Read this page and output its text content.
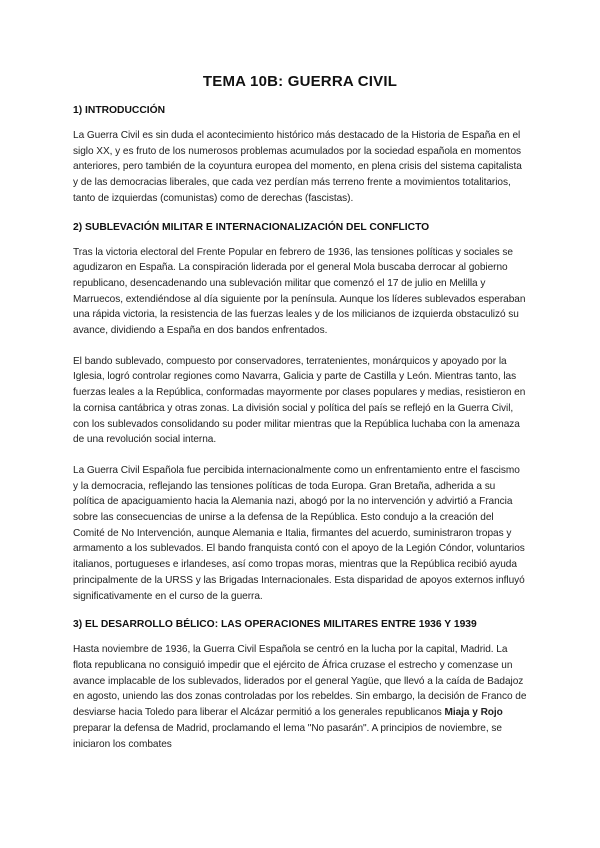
TEMA 10B: GUERRA CIVIL
1) INTRODUCCIÓN

La Guerra Civil es sin duda el acontecimiento histórico más destacado de la Historia de España en el siglo XX, y es fruto de los numerosos problemas acumulados por la sociedad española en momentos anteriores, pero también de la coyuntura europea del momento, en plena crisis del sistema capitalista y de las democracias liberales, que cada vez perdían más terreno frente a movimientos totalitarios, tanto de izquierdas (comunistas) como de derechas (fascistas).

2) SUBLEVACIÓN MILITAR E INTERNACIONALIZACIÓN DEL CONFLICTO

Tras la victoria electoral del Frente Popular en febrero de 1936, las tensiones políticas y sociales se agudizaron en España. La conspiración liderada por el general Mola buscaba derrocar al gobierno republicano, desencadenando una sublevación militar que comenzó el 17 de julio en Melilla y Marruecos, extendiéndose al día siguiente por la península. Aunque los líderes sublevados esperaban una rápida victoria, la resistencia de las fuerzas leales y de los milicianos de izquierda obstaculizó su avance, dividiendo a España en dos bandos enfrentados.

El bando sublevado, compuesto por conservadores, terratenientes, monárquicos y apoyado por la Iglesia, logró controlar regiones como Navarra, Galicia y parte de Castilla y León. Mientras tanto, las fuerzas leales a la República, conformadas mayormente por clases populares y medias, resistieron en la cornisa cantábrica y otras zonas. La división social y política del país se reflejó en la Guerra Civil, con los sublevados consolidando su poder militar mientras que la República luchaba con la amenaza de una revolución social interna.

La Guerra Civil Española fue percibida internacionalmente como un enfrentamiento entre el fascismo y la democracia, reflejando las tensiones políticas de toda Europa. Gran Bretaña, adherida a su política de apaciguamiento hacia la Alemania nazi, abogó por la no intervención y advirtió a Francia sobre las consecuencias de unirse a la defensa de la República. Esto condujo a la creación del Comité de No Intervención, aunque Alemania e Italia, firmantes del acuerdo, suministraron tropas y armamento a los sublevados. El bando franquista contó con el apoyo de la Legión Cóndor, voluntarios italianos, portugueses e irlandeses, así como tropas moras, mientras que la República recibió ayuda principalmente de la URSS y las Brigadas Internacionales. Esta disparidad de apoyos externos influyó significativamente en el curso de la guerra.

3) EL DESARROLLO BÉLICO: LAS OPERACIONES MILITARES ENTRE 1936 Y 1939

Hasta noviembre de 1936, la Guerra Civil Española se centró en la lucha por la capital, Madrid. La flota republicana no consiguió impedir que el ejército de África cruzase el estrecho y comenzase un avance implacable de los sublevados, liderados por el general Yagüe, que llevó a la caída de Badajoz en agosto, uniendo las dos zonas controladas por los rebeldes. Sin embargo, la decisión de Franco de desviarse hacia Toledo para liberar el Alcázar permitió a los generales republicanos Miaja y Rojo preparar la defensa de Madrid, proclamando el lema "No pasarán". A principios de noviembre, se iniciaron los combates
